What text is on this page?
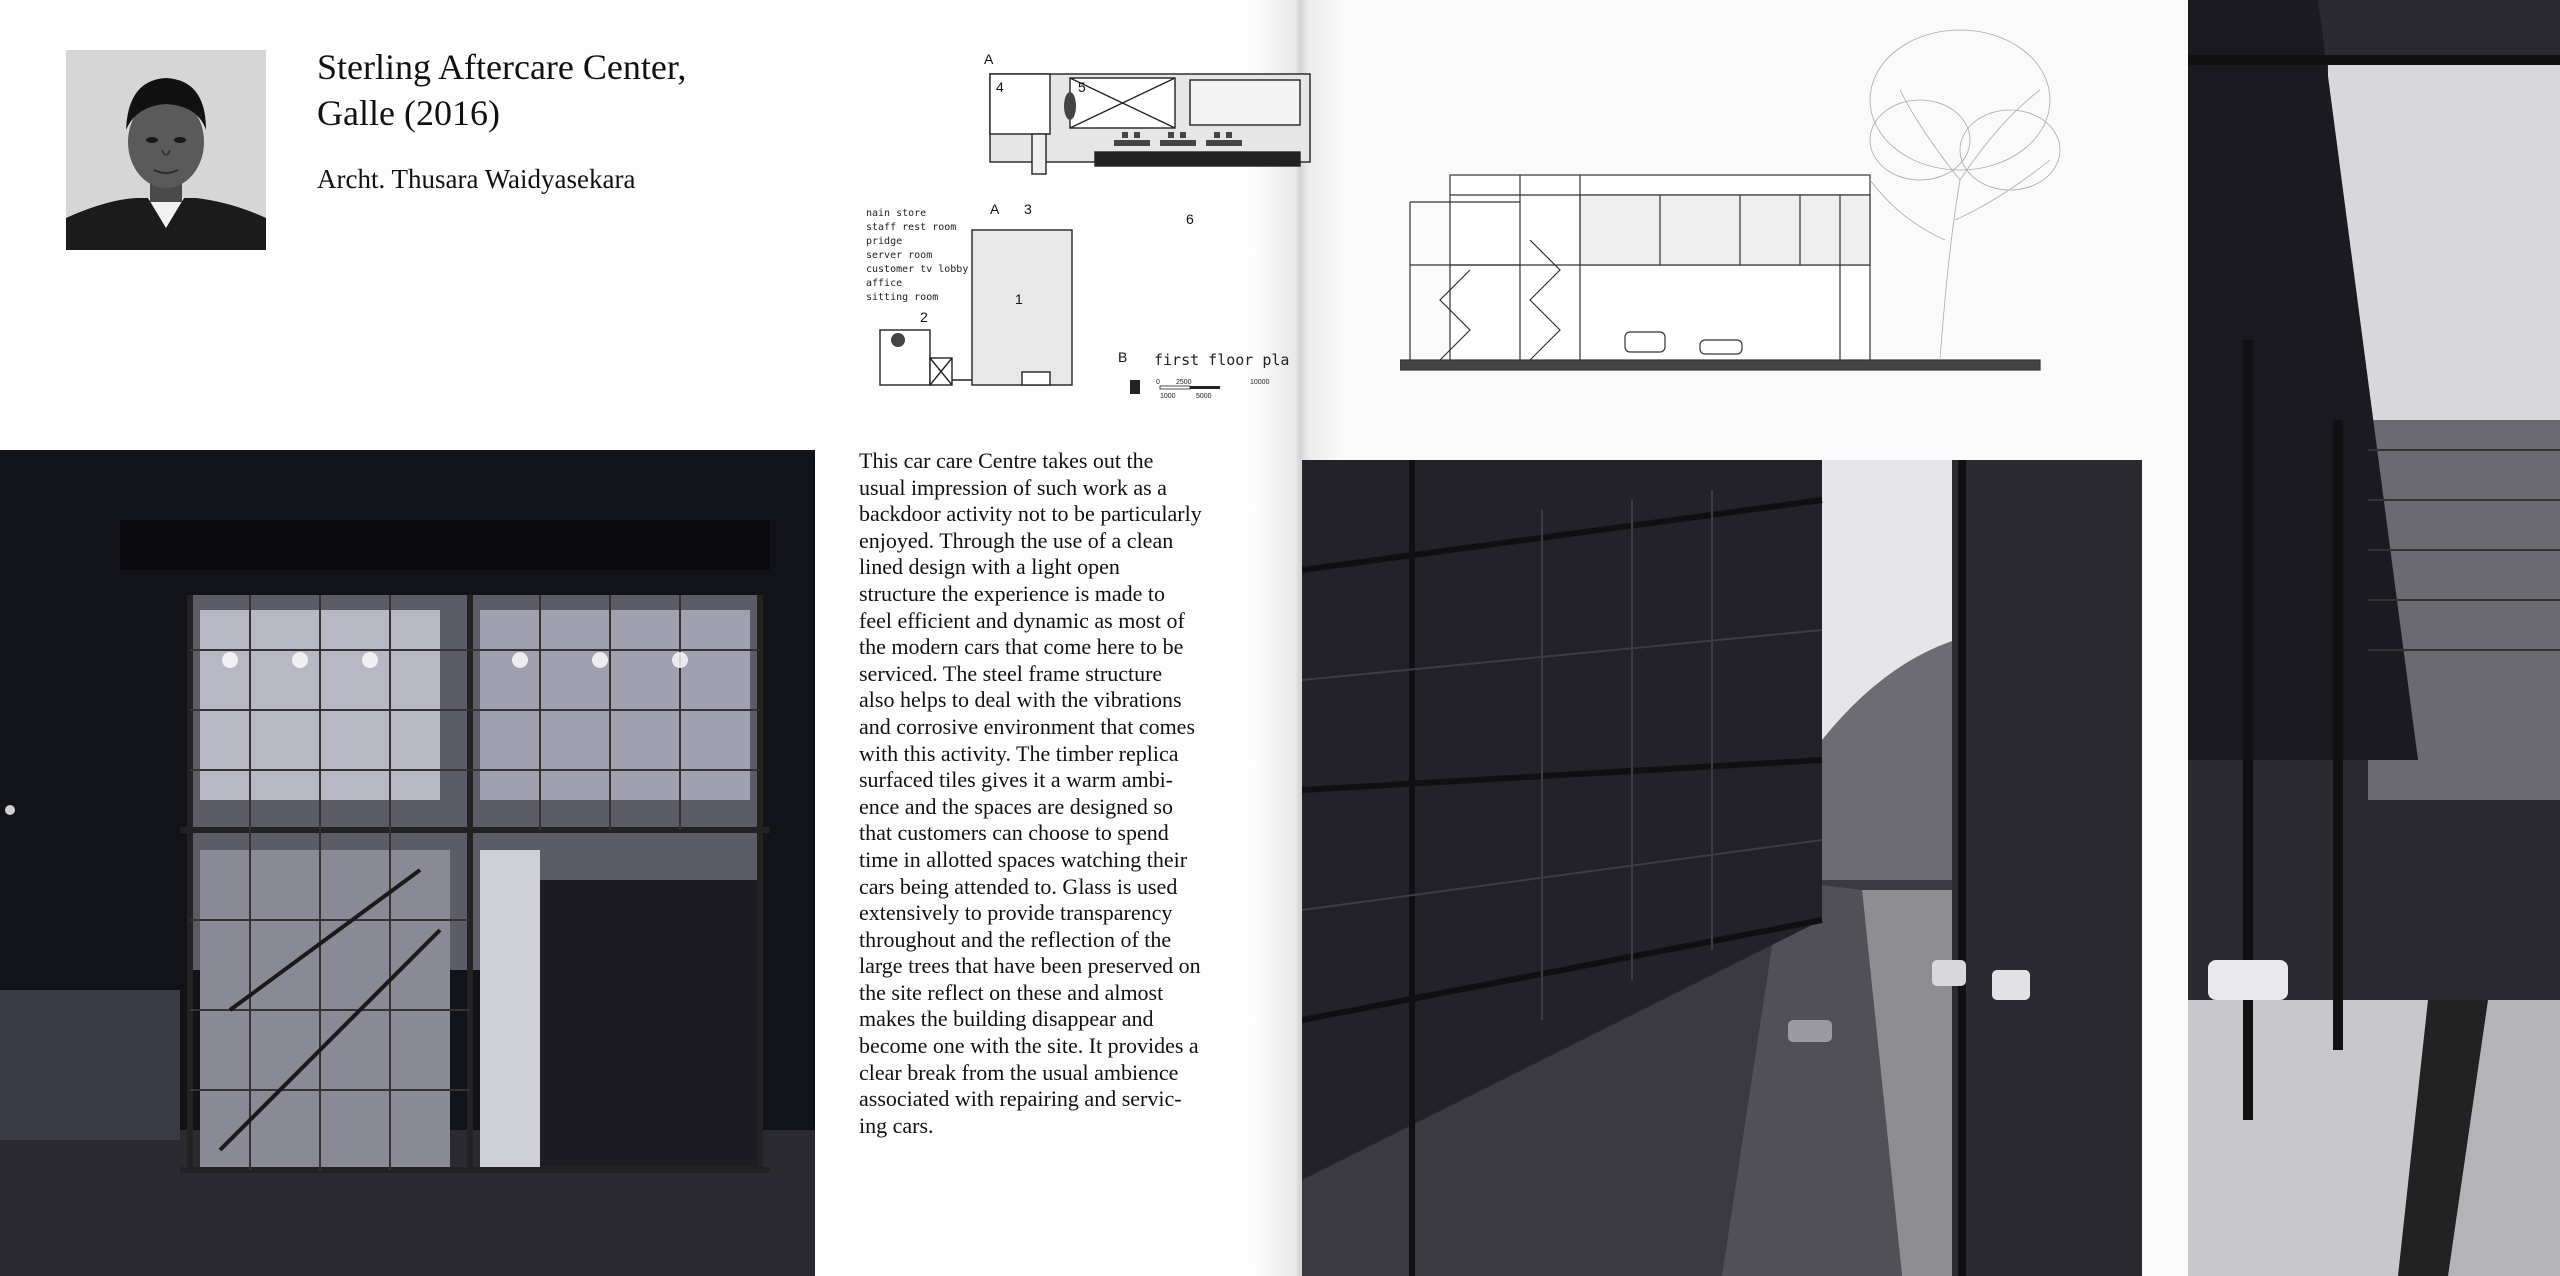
Sterling Aftercare Center,
Galle (2016)
Archt. Thusara Waidyasekara
nain store
staff rest room
pridge
server room
customer tv lobby
affice
sitting room	1
2
3
4	5
6
A
A
B first floor pla
0 2500	10000
1000	5000
This car care Centre takes out the
usual impression of such work as a
backdoor activity not to be particularly
enjoyed. Through the use of a clean
lined design with a light open
structure the experience is made to
feel efficient and dynamic as most of
the modern cars that come here to be
serviced. The steel frame structure
also helps to deal with the vibrations
and corrosive environment that comes
with this activity. The timber replica
surfaced tiles gives it a warm ambi-
ence and the spaces are designed so
that customers can choose to spend
time in allotted spaces watching their
cars being attended to. Glass is used
extensively to provide transparency
throughout and the reflection of the
large trees that have been preserved on
the site reflect on these and almost
makes the building disappear and
become one with the site. It provides a
clear break from the usual ambience
associated with repairing and servic-
ing cars.
